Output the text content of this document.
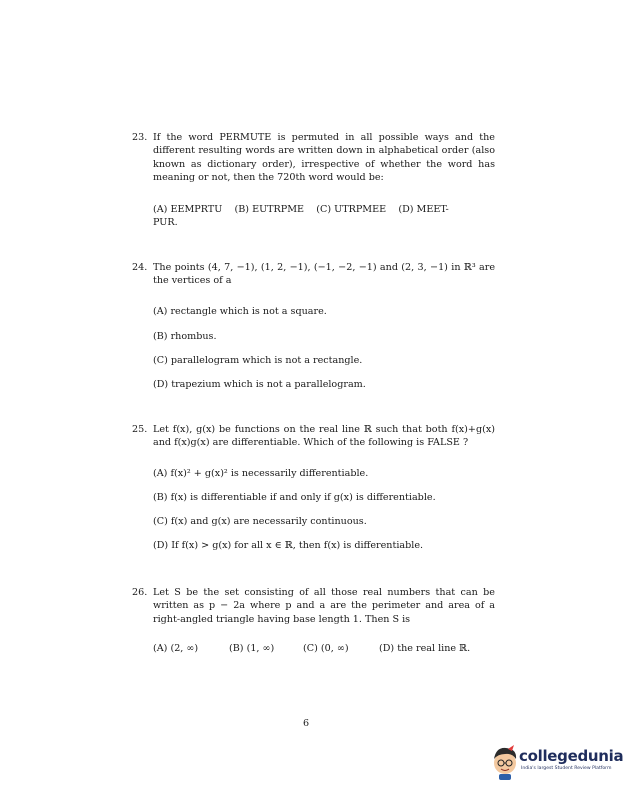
23. If the word PERMUTE is permuted in all possible ways and the different resulting words are written down in alphabetical order (also known as dictionary order), irrespective of whether the word has meaning or not, then the 720th word would be:
(A) EEMPRTU    (B) EUTRPME    (C) UTRPMEE    (D) MEET-
PUR.
24. The points (4, 7, −1), (1, 2, −1), (−1, −2, −1) and (2, 3, −1) in ℝ³ are the vertices of a
(A) rectangle which is not a square.
(B) rhombus.
(C) parallelogram which is not a rectangle.
(D) trapezium which is not a parallelogram.
25. Let f(x), g(x) be functions on the real line ℝ such that both f(x)+g(x) and f(x)g(x) are differentiable. Which of the following is FALSE ?
(A) f(x)² + g(x)² is necessarily differentiable.
(B) f(x) is differentiable if and only if g(x) is differentiable.
(C) f(x) and g(x) are necessarily continuous.
(D) If f(x) > g(x) for all x ∈ ℝ, then f(x) is differentiable.
26. Let S be the set consisting of all those real numbers that can be written as p − 2a where p and a are the perimeter and area of a right-angled triangle having base length 1. Then S is
(A) (2, ∞)	(B) (1, ∞)	(C) (0, ∞)	(D) the real line ℝ.
6
collegedunia
India's largest Student Review Platform
